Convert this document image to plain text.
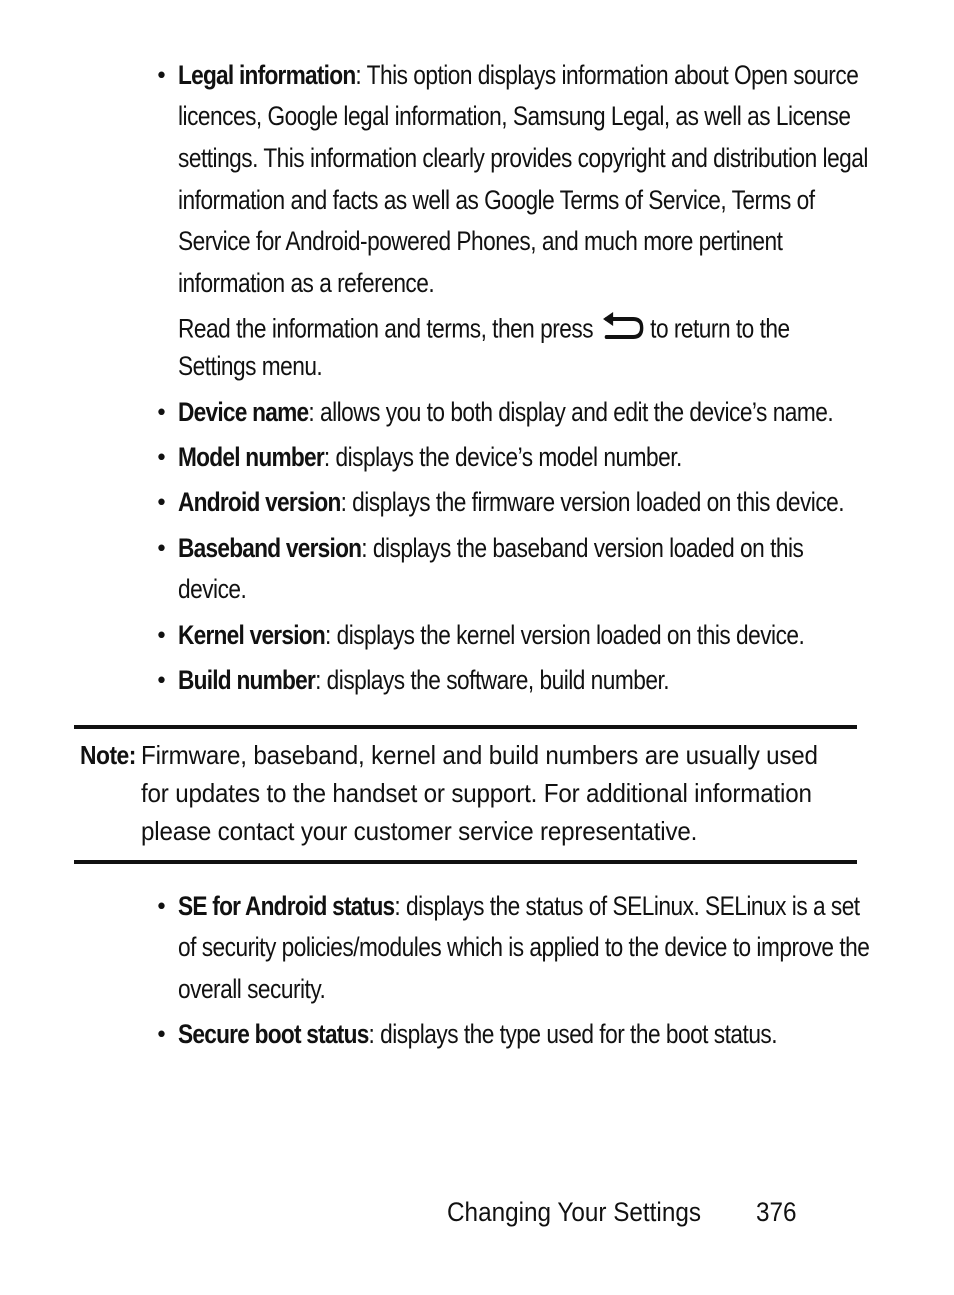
• Legal information: This option displays information about Open source
licences, Google legal information, Samsung Legal, as well as License
settings. This information clearly provides copyright and distribution legal
information and facts as well as Google Terms of Service, Terms of
Service for Android-powered Phones, and much more pertinent
information as a reference.
Read the information and terms, then press to return to the
Settings menu.
• Device name: allows you to both display and edit the device’s name.
• Model number: displays the device’s model number.
• Android version: displays the firmware version loaded on this device.
• Baseband version: displays the baseband version loaded on this
device.
• Kernel version: displays the kernel version loaded on this device.
• Build number: displays the software, build number.
Note: Firmware, baseband, kernel and build numbers are usually used
for updates to the handset or support. For additional information
please contact your customer service representative.
• SE for Android status: displays the status of SELinux. SELinux is a set
of security policies/modules which is applied to the device to improve the
overall security.
• Secure boot status: displays the type used for the boot status.
Changing Your Settings 376
